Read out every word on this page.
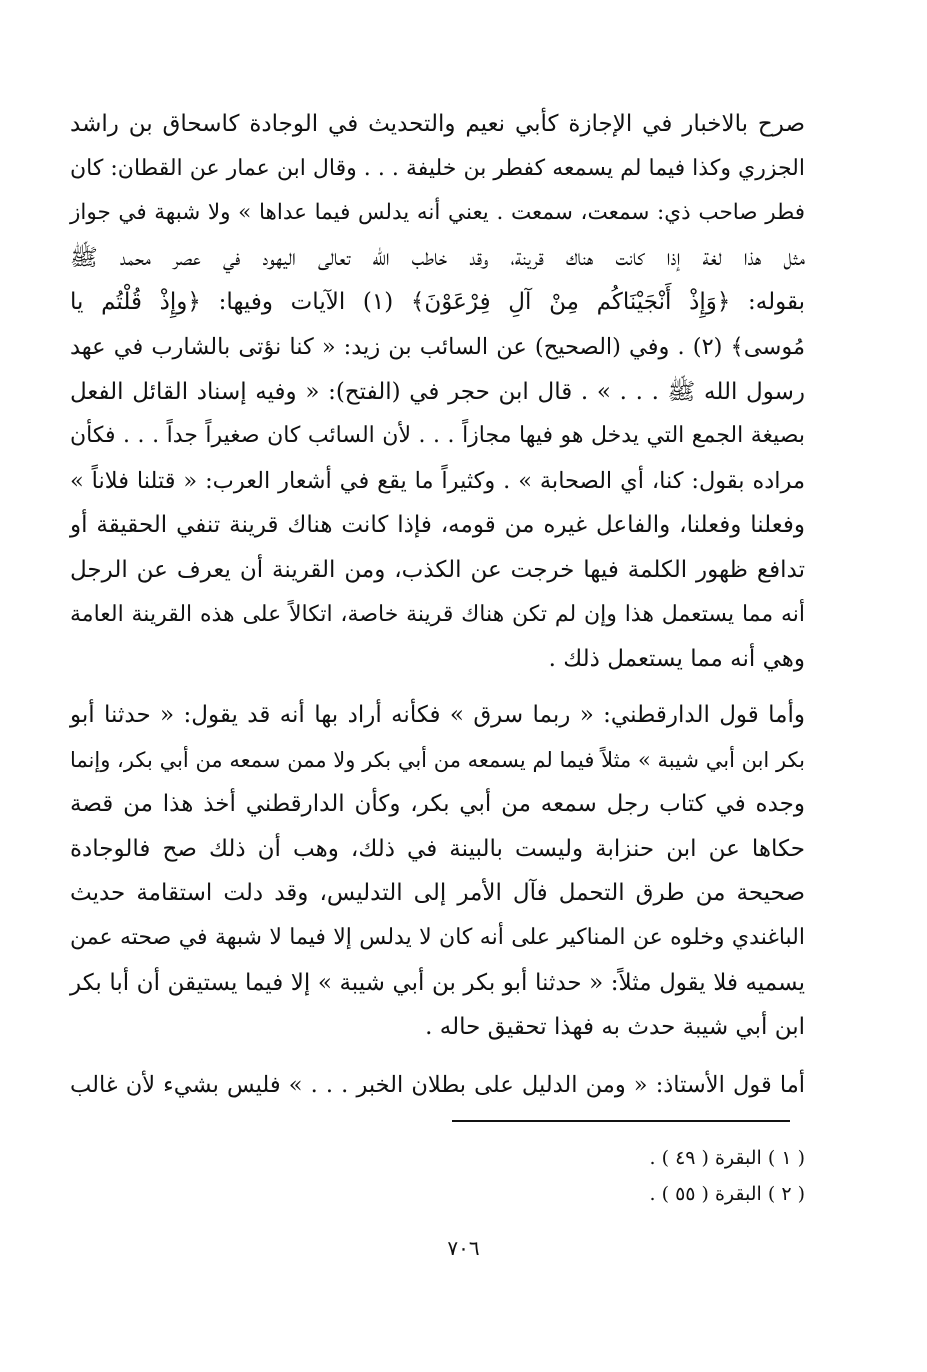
صرح بالاخبار في الإجازة كأبي نعيم والتحديث في الوجادة كاسحاق بن راشد
الجزري وكذا فيما لم يسمعه كفطر بن خليفة . . . وقال ابن عمار عن القطان: كان
فطر صاحب ذي: سمعت، سمعت . يعني أنه يدلس فيما عداها » ولا شبهة في جواز
مثل هذا لغة إذا كانت هناك قرينة، وقد خاطب الله تعالى اليهود في عصر محمد ﷺ
بقوله: ﴿وَإِذْ أَنْجَيْنَاكُم مِنْ آلِ فِرْعَوْنَ﴾ (١) الآيات وفيها: ﴿وإِذْ قُلْتُم يا
مُوسى﴾ (٢) . وفي (الصحيح) عن السائب بن زيد: « كنا نؤتى بالشارب في عهد
رسول الله ﷺ . . . » . قال ابن حجر في (الفتح): « وفيه إسناد القائل الفعل
بصيغة الجمع التي يدخل هو فيها مجازاً . . . لأن السائب كان صغيراً جداً . . . فكأن
مراده بقول: كنا، أي الصحابة » . وكثيراً ما يقع في أشعار العرب: « قتلنا فلاناً »
وفعلنا وفعلنا، والفاعل غيره من قومه، فإذا كانت هناك قرينة تنفي الحقيقة أو
تدافع ظهور الكلمة فيها خرجت عن الكذب، ومن القرينة أن يعرف عن الرجل
أنه مما يستعمل هذا وإن لم تكن هناك قرينة خاصة، اتكالاً على هذه القرينة العامة
وهي أنه مما يستعمل ذلك .
وأما قول الدارقطني: « ربما سرق » فكأنه أراد بها أنه قد يقول: « حدثنا أبو
بكر ابن أبي شيبة » مثلاً فيما لم يسمعه من أبي بكر ولا ممن سمعه من أبي بكر، وإنما
وجده في كتاب رجل سمعه من أبي بكر، وكأن الدارقطني أخذ هذا من قصة
حكاها عن ابن حنزابة وليست بالبينة في ذلك، وهب أن ذلك صح فالوجادة
صحيحة من طرق التحمل فآل الأمر إلى التدليس، وقد دلت استقامة حديث
الباغندي وخلوه عن المناكير على أنه كان لا يدلس إلا فيما لا شبهة في صحته عمن
يسميه فلا يقول مثلاً: « حدثنا أبو بكر بن أبي شيبة » إلا فيما يستيقن أن أبا بكر
ابن أبي شيبة حدث به فهذا تحقيق حاله .
أما قول الأستاذ: « ومن الدليل على بطلان الخبر . . . » فليس بشيء لأن غالب
( ١ ) البقرة ( ٤٩ ) .
( ٢ ) البقرة ( ٥٥ ) .
٧٠٦
